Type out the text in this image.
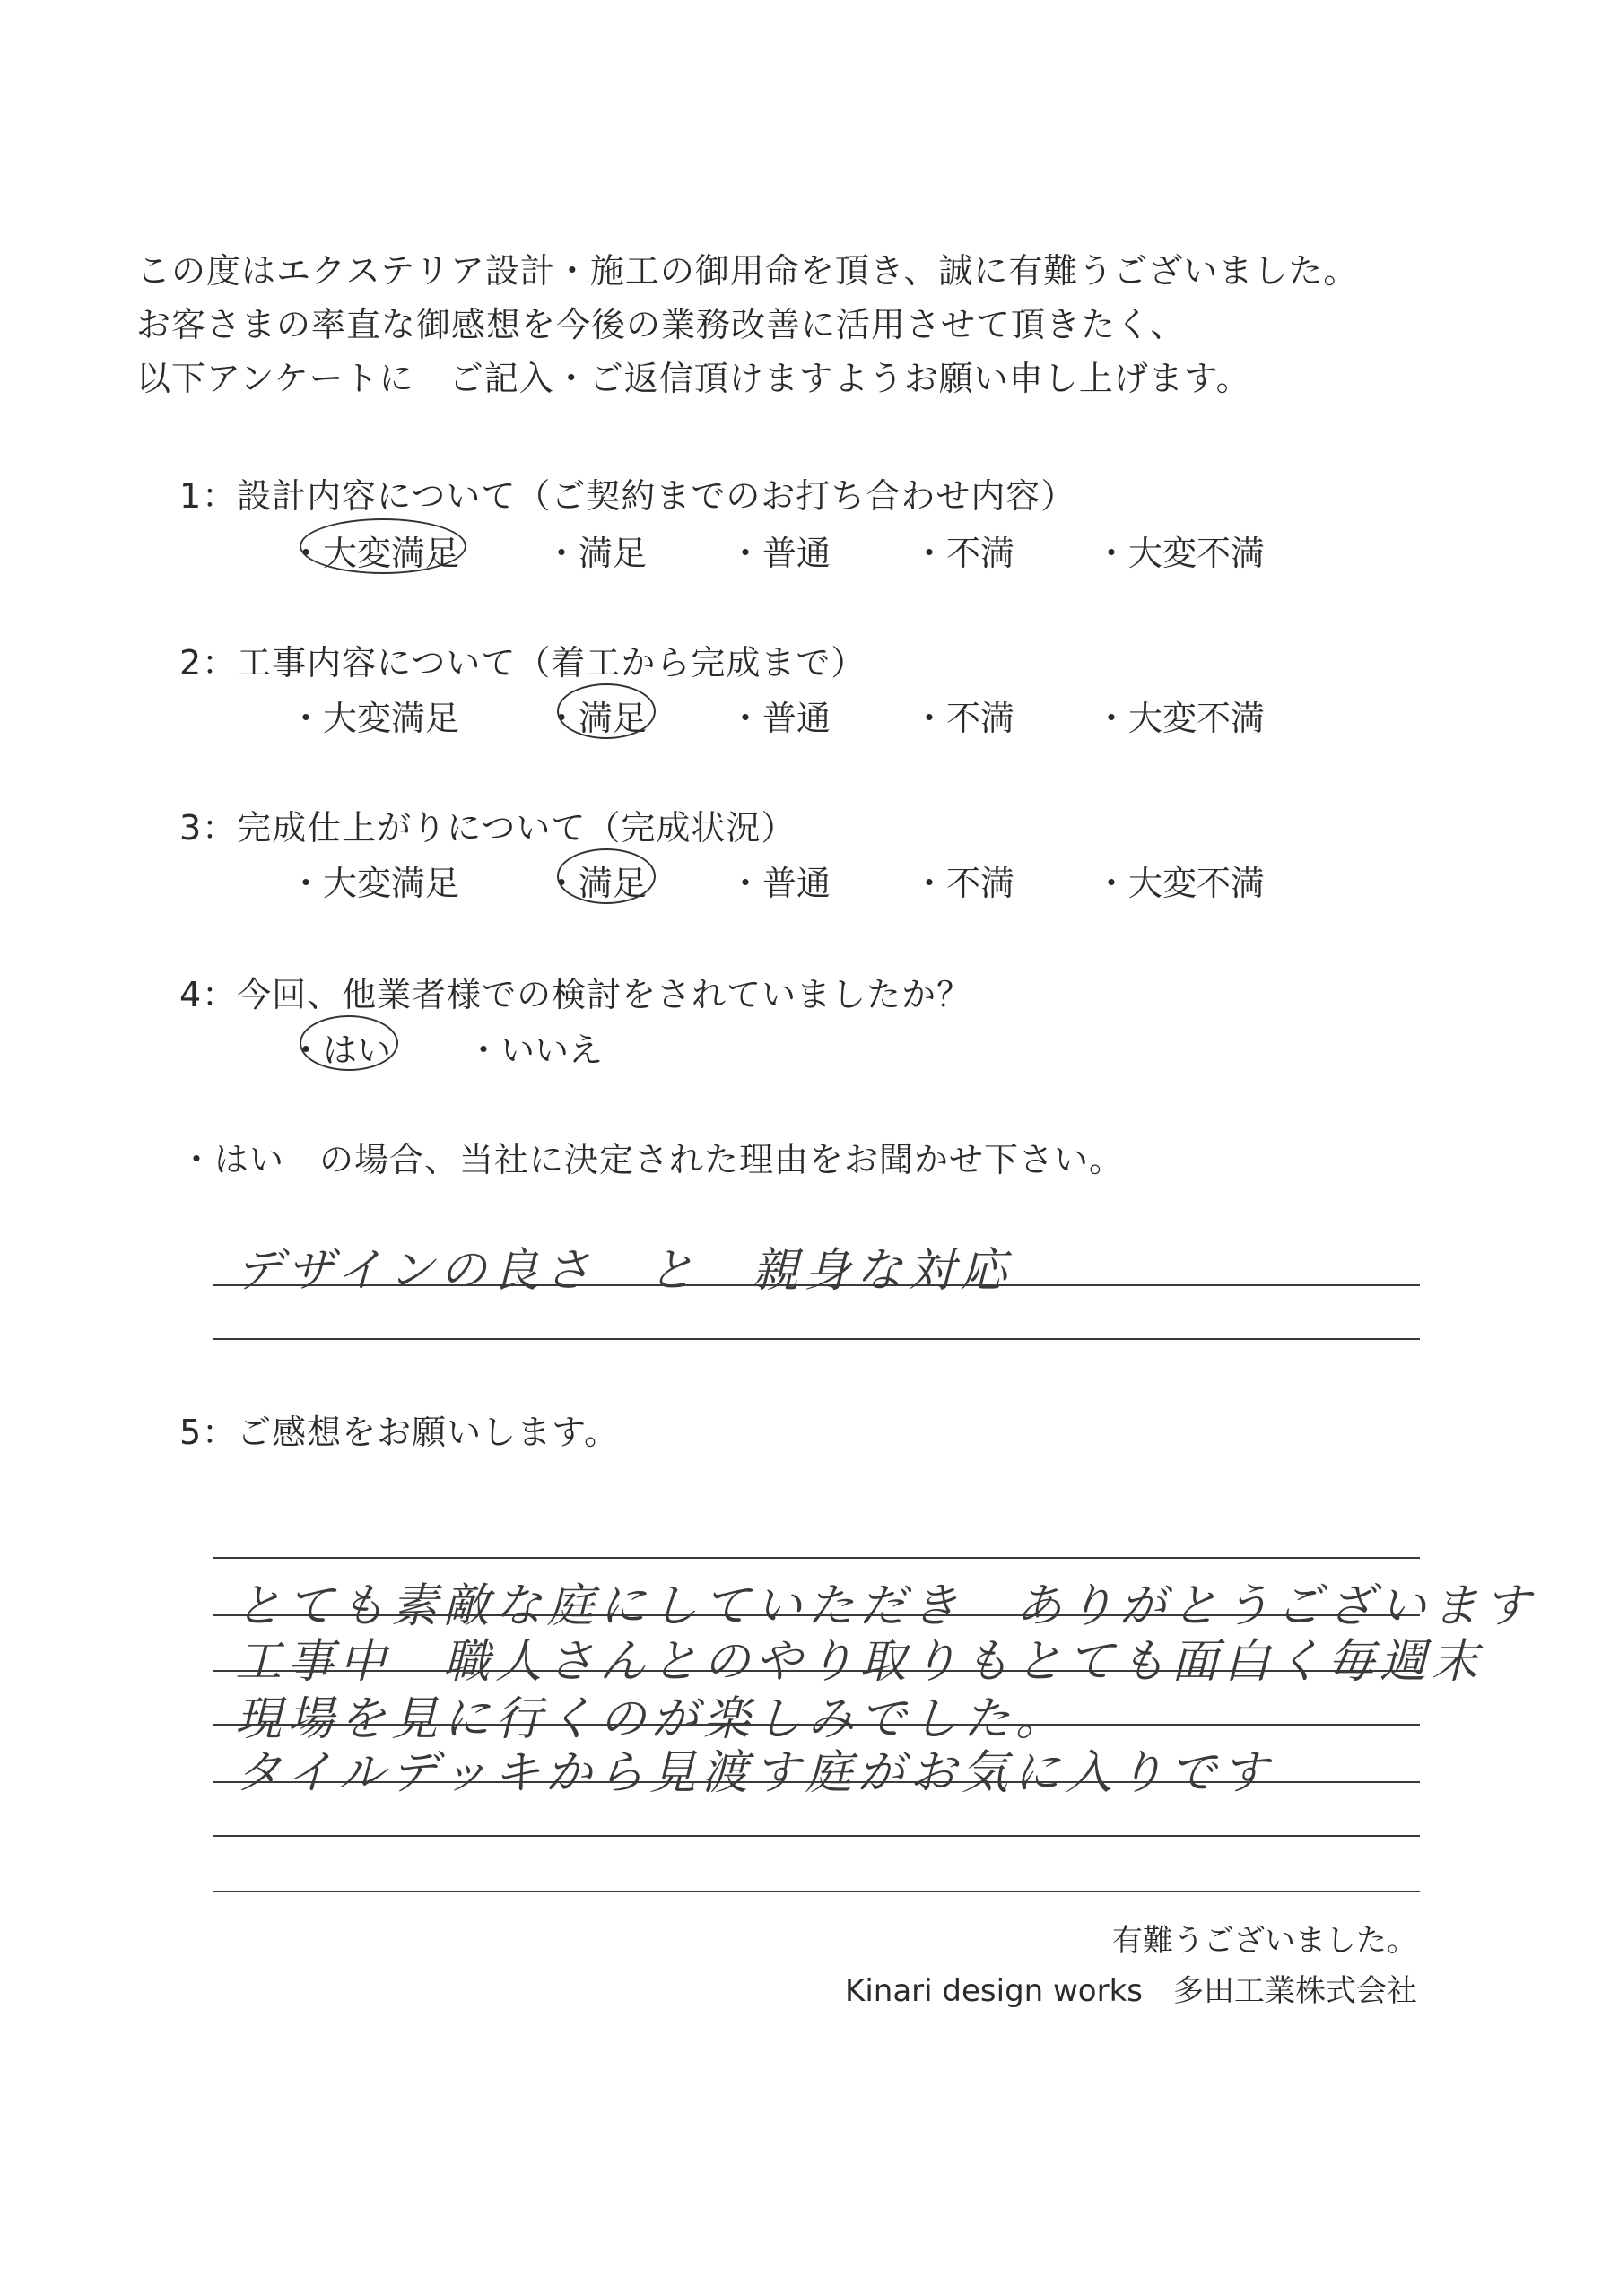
この度はエクステリア設計・施工の御用命を頂き、誠に有難うございました。
お客さまの率直な御感想を今後の業務改善に活用させて頂きたく、
以下アンケートに　ご記入・ご返信頂けますようお願い申し上げます。
1：設計内容について（ご契約までのお打ち合わせ内容）
・大変満足 ・満足 ・普通 ・不満 ・大変不満
2：工事内容について（着工から完成まで）
・大変満足 ・満足 ・普通 ・不満 ・大変不満
3：完成仕上がりについて（完成状況）
・大変満足 ・満足 ・普通 ・不満 ・大変不満
4：今回、他業者様での検討をされていましたか？
・はい ・いいえ
・はい　の場合、当社に決定された理由をお聞かせ下さい。
デザインの良さ　と　親身な対応
5：ご感想をお願いします。
とても素敵な庭にしていただき　ありがとうございます
工事中　職人さんとのやり取りもとても面白く毎週末
現場を見に行くのが楽しみでした。
タイルデッキから見渡す庭がお気に入りです
有難うございました。
Kinari design works　多田工業株式会社
